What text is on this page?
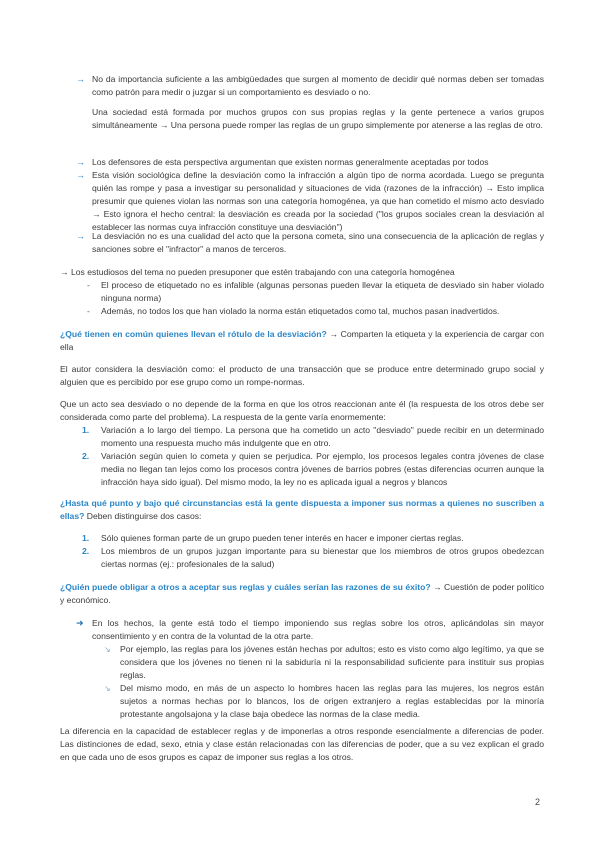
→ No da importancia suficiente a las ambigüedades que surgen al momento de decidir qué normas deben ser tomadas como patrón para medir o juzgar si un comportamiento es desviado o no.
Una sociedad está formada por muchos grupos con sus propias reglas y la gente pertenece a varios grupos simultáneamente → Una persona puede romper las reglas de un grupo simplemente por atenerse a las reglas de otro.
→ Los defensores de esta perspectiva argumentan que existen normas generalmente aceptadas por todos
→ Esta visión sociológica define la desviación como la infracción a algún tipo de norma acordada. Luego se pregunta quién las rompe y pasa a investigar su personalidad y situaciones de vida (razones de la infracción) → Esto implica presumir que quienes violan las normas son una categoría homogénea, ya que han cometido el mismo acto desviado → Esto ignora el hecho central: la desviación es creada por la sociedad ("los grupos sociales crean la desviación al establecer las normas cuya infracción constituye una desviación")
→ La desviación no es una cualidad del acto que la persona cometa, sino una consecuencia de la aplicación de reglas y sanciones sobre el "infractor" a manos de terceros.
→ Los estudiosos del tema no pueden presuponer que estén trabajando con una categoría homogénea
- El proceso de etiquetado no es infalible (algunas personas pueden llevar la etiqueta de desviado sin haber violado ninguna norma)
- Además, no todos los que han violado la norma están etiquetados como tal, muchos pasan inadvertidos.
¿Qué tienen en común quienes llevan el rótulo de la desviación? → Comparten la etiqueta y la experiencia de cargar con ella
El autor considera la desviación como: el producto de una transacción que se produce entre determinado grupo social y alguien que es percibido por ese grupo como un rompe-normas.
Que un acto sea desviado o no depende de la forma en que los otros reaccionan ante él (la respuesta de los otros debe ser considerada como parte del problema). La respuesta de la gente varía enormemente:
1. Variación a lo largo del tiempo. La persona que ha cometido un acto "desviado" puede recibir en un determinado momento una respuesta mucho más indulgente que en otro.
2. Variación según quien lo cometa y quien se perjudica. Por ejemplo, los procesos legales contra jóvenes de clase media no llegan tan lejos como los procesos contra jóvenes de barrios pobres (estas diferencias ocurren aunque la infracción haya sido igual). Del mismo modo, la ley no es aplicada igual a negros y blancos
¿Hasta qué punto y bajo qué circunstancias está la gente dispuesta a imponer sus normas a quienes no suscriben a ellas? Deben distinguirse dos casos:
1. Sólo quienes forman parte de un grupo pueden tener interés en hacer e imponer ciertas reglas.
2. Los miembros de un grupos juzgan importante para su bienestar que los miembros de otros grupos obedezcan ciertas normas (ej.: profesionales de la salud)
¿Quién puede obligar a otros a aceptar sus reglas y cuáles serían las razones de su éxito? → Cuestión de poder político y económico.
➜ En los hechos, la gente está todo el tiempo imponiendo sus reglas sobre los otros, aplicándolas sin mayor consentimiento y en contra de la voluntad de la otra parte.
↘ Por ejemplo, las reglas para los jóvenes están hechas por adultos; esto es visto como algo legítimo, ya que se considera que los jóvenes no tienen ni la sabiduría ni la responsabilidad suficiente para instituir sus propias reglas.
↘ Del mismo modo, en más de un aspecto lo hombres hacen las reglas para las mujeres, los negros están sujetos a normas hechas por lo blancos, los de origen extranjero a reglas establecidas por la minoría protestante angolsajona y la clase baja obedece las normas de la clase media.
La diferencia en la capacidad de establecer reglas y de imponerlas a otros responde esencialmente a diferencias de poder. Las distinciones de edad, sexo, etnia y clase están relacionadas con las diferencias de poder, que a su vez explican el grado en que cada uno de esos grupos es capaz de imponer sus reglas a los otros.
2
